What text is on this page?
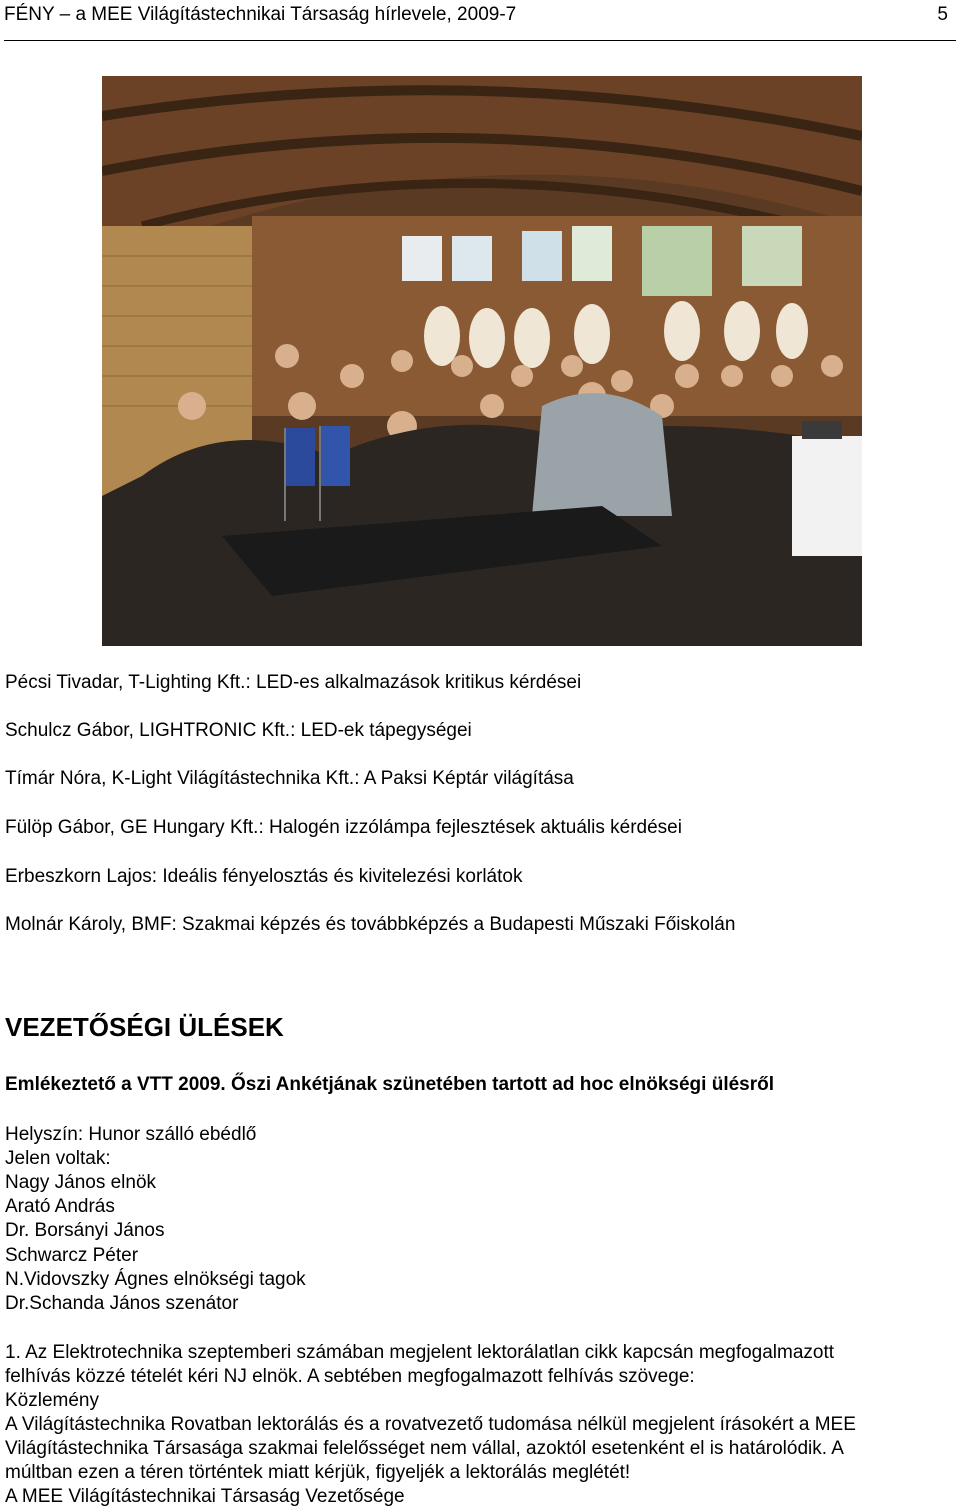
FÉNY – a MEE Világítástechnikai Társaság hírlevele, 2009-7	5
Pécsi Tivadar, T-Lighting Kft.: LED-es alkalmazások kritikus kérdései
Schulcz Gábor, LIGHTRONIC Kft.: LED-ek tápegységei
Tímár Nóra, K-Light Világítástechnika Kft.: A Paksi Képtár világítása
Fülöp Gábor, GE Hungary Kft.: Halogén izzólámpa fejlesztések aktuális kérdései
Erbeszkorn Lajos: Ideális fényelosztás és kivitelezési korlátok
Molnár Károly, BMF: Szakmai képzés és továbbképzés a Budapesti Műszaki Főiskolán
VEZETŐSÉGI ÜLÉSEK
Emlékeztető a VTT 2009. Őszi Ankétjának szünetében tartott ad hoc elnökségi ülésről
Helyszín: Hunor szálló ebédlő
Jelen voltak:
Nagy János elnök
Arató András
Dr. Borsányi János
Schwarcz Péter
N.Vidovszky Ágnes elnökségi tagok
Dr.Schanda János szenátor
1. Az Elektrotechnika szeptemberi számában megjelent lektorálatlan cikk kapcsán megfogalmazott
felhívás közzé tételét kéri NJ elnök. A sebtében megfogalmazott felhívás szövege:
Közlemény
A Világítástechnika Rovatban lektorálás és a rovatvezető tudomása nélkül megjelent írásokért a MEE
Világítástechnika Társasága szakmai felelősséget nem vállal, azoktól esetenként el is határolódik. A
múltban ezen a téren történtek miatt kérjük, figyeljék a lektorálás meglétét!
A MEE Világítástechnikai Társaság Vezetősége
